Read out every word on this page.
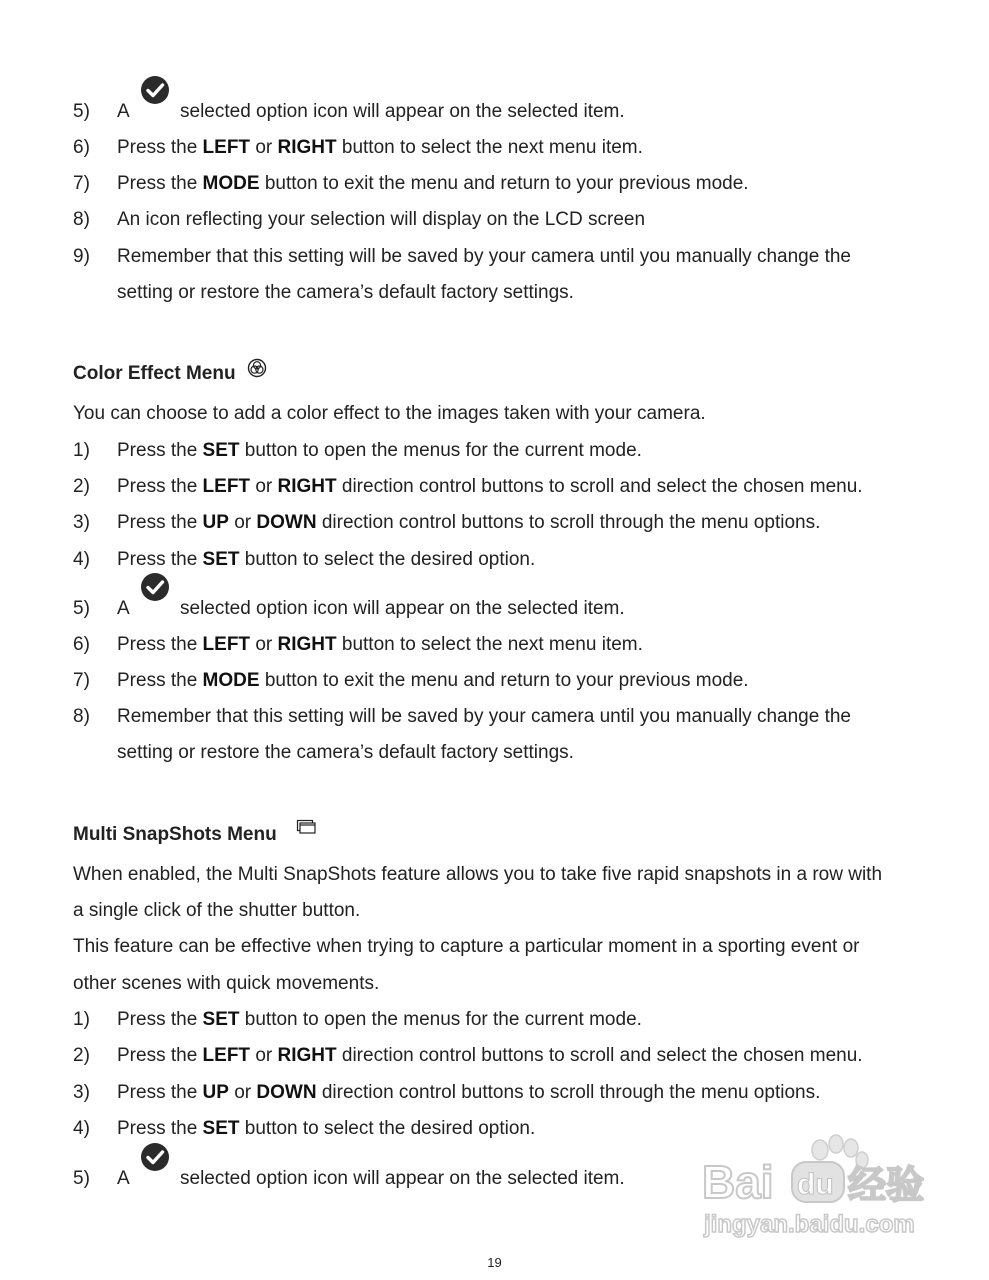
5) A	selected option icon will appear on the selected item.
6) Press the LEFT or RIGHT button to select the next menu item.
7) Press the MODE button to exit the menu and return to your previous mode.
8) An icon reflecting your selection will display on the LCD screen
9) Remember that this setting will be saved by your camera until you manually change the
setting or restore the camera’s default factory settings.
Color Effect Menu
You can choose to add a color effect to the images taken with your camera.
1) Press the SET button to open the menus for the current mode.
2) Press the LEFT or RIGHT direction control buttons to scroll and select the chosen menu.
3) Press the UP or DOWN direction control buttons to scroll through the menu options.
4) Press the SET button to select the desired option.
5) A	selected option icon will appear on the selected item.
6) Press the LEFT or RIGHT button to select the next menu item.
7) Press the MODE button to exit the menu and return to your previous mode.
8) Remember that this setting will be saved by your camera until you manually change the
setting or restore the camera’s default factory settings.
Multi SnapShots Menu
When enabled, the Multi SnapShots feature allows you to take five rapid snapshots in a row with
a single click of the shutter button.
This feature can be effective when trying to capture a particular moment in a sporting event or
other scenes with quick movements.
1) Press the SET button to open the menus for the current mode.
2) Press the LEFT or RIGHT direction control buttons to scroll and select the chosen menu.
3) Press the UP or DOWN direction control buttons to scroll through the menu options.
4) Press the SET button to select the desired option.
5) A	selected option icon will appear on the selected item. Bai du 经验
jingyan.baidu.com
19
